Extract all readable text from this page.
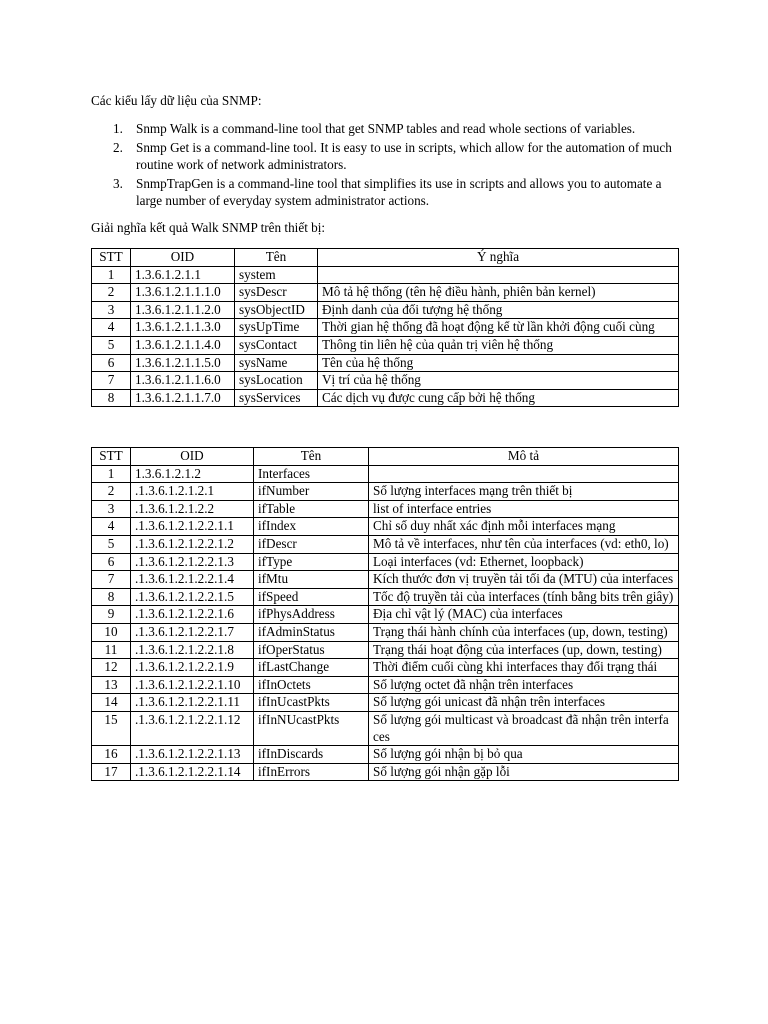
Các kiểu lấy dữ liệu của SNMP:
1. Snmp Walk is a command-line tool that get SNMP tables and read whole sections of variables.
2. Snmp Get is a command-line tool. It is easy to use in scripts, which allow for the automation of much routine work of network administrators.
3. SnmpTrapGen is a command-line tool that simplifies its use in scripts and allows you to automate a large number of everyday system administrator actions.
Giải nghĩa kết quả Walk SNMP trên thiết bị:
STT	OID	Tên	Ý nghĩa
1	1.3.6.1.2.1.1	system	
2	1.3.6.1.2.1.1.1.0	sysDescr	Mô tả hệ thống (tên hệ điều hành, phiên bản kernel)
3	1.3.6.1.2.1.1.2.0	sysObjectID	Định danh của đối tượng hệ thống
4	1.3.6.1.2.1.1.3.0	sysUpTime	Thời gian hệ thống đã hoạt động kể từ lần khởi động cuối cùng
5	1.3.6.1.2.1.1.4.0	sysContact	Thông tin liên hệ của quản trị viên hệ thống
6	1.3.6.1.2.1.1.5.0	sysName	Tên của hệ thống
7	1.3.6.1.2.1.1.6.0	sysLocation	Vị trí của hệ thống
8	1.3.6.1.2.1.1.7.0	sysServices	Các dịch vụ được cung cấp bởi hệ thống
STT	OID	Tên	Mô tả
1	1.3.6.1.2.1.2	Interfaces	
2	.1.3.6.1.2.1.2.1	ifNumber	Số lượng interfaces mạng trên thiết bị
3	.1.3.6.1.2.1.2.2	ifTable	list of interface entries
4	.1.3.6.1.2.1.2.2.1.1	ifIndex	Chỉ số duy nhất xác định mỗi interfaces mạng
5	.1.3.6.1.2.1.2.2.1.2	ifDescr	Mô tả về interfaces, như tên của interfaces (vd: eth0, lo)
6	.1.3.6.1.2.1.2.2.1.3	ifType	Loại interfaces (vd: Ethernet, loopback)
7	.1.3.6.1.2.1.2.2.1.4	ifMtu	Kích thước đơn vị truyền tải tối đa (MTU) của interfaces
8	.1.3.6.1.2.1.2.2.1.5	ifSpeed	Tốc độ truyền tải của interfaces (tính bằng bits trên giây)
9	.1.3.6.1.2.1.2.2.1.6	ifPhysAddress	Địa chỉ vật lý (MAC) của interfaces
10	.1.3.6.1.2.1.2.2.1.7	ifAdminStatus	Trạng thái hành chính của interfaces (up, down, testing)
11	.1.3.6.1.2.1.2.2.1.8	ifOperStatus	Trạng thái hoạt động của interfaces (up, down, testing)
12	.1.3.6.1.2.1.2.2.1.9	ifLastChange	Thời điểm cuối cùng khi interfaces thay đổi trạng thái
13	.1.3.6.1.2.1.2.2.1.10	ifInOctets	Số lượng octet đã nhận trên interfaces
14	.1.3.6.1.2.1.2.2.1.11	ifInUcastPkts	Số lượng gói unicast đã nhận trên interfaces
15	.1.3.6.1.2.1.2.2.1.12	ifInNUcastPkts	Số lượng gói multicast và broadcast đã nhận trên interfaces
16	.1.3.6.1.2.1.2.2.1.13	ifInDiscards	Số lượng gói nhận bị bỏ qua
17	.1.3.6.1.2.1.2.2.1.14	ifInErrors	Số lượng gói nhận gặp lỗi
